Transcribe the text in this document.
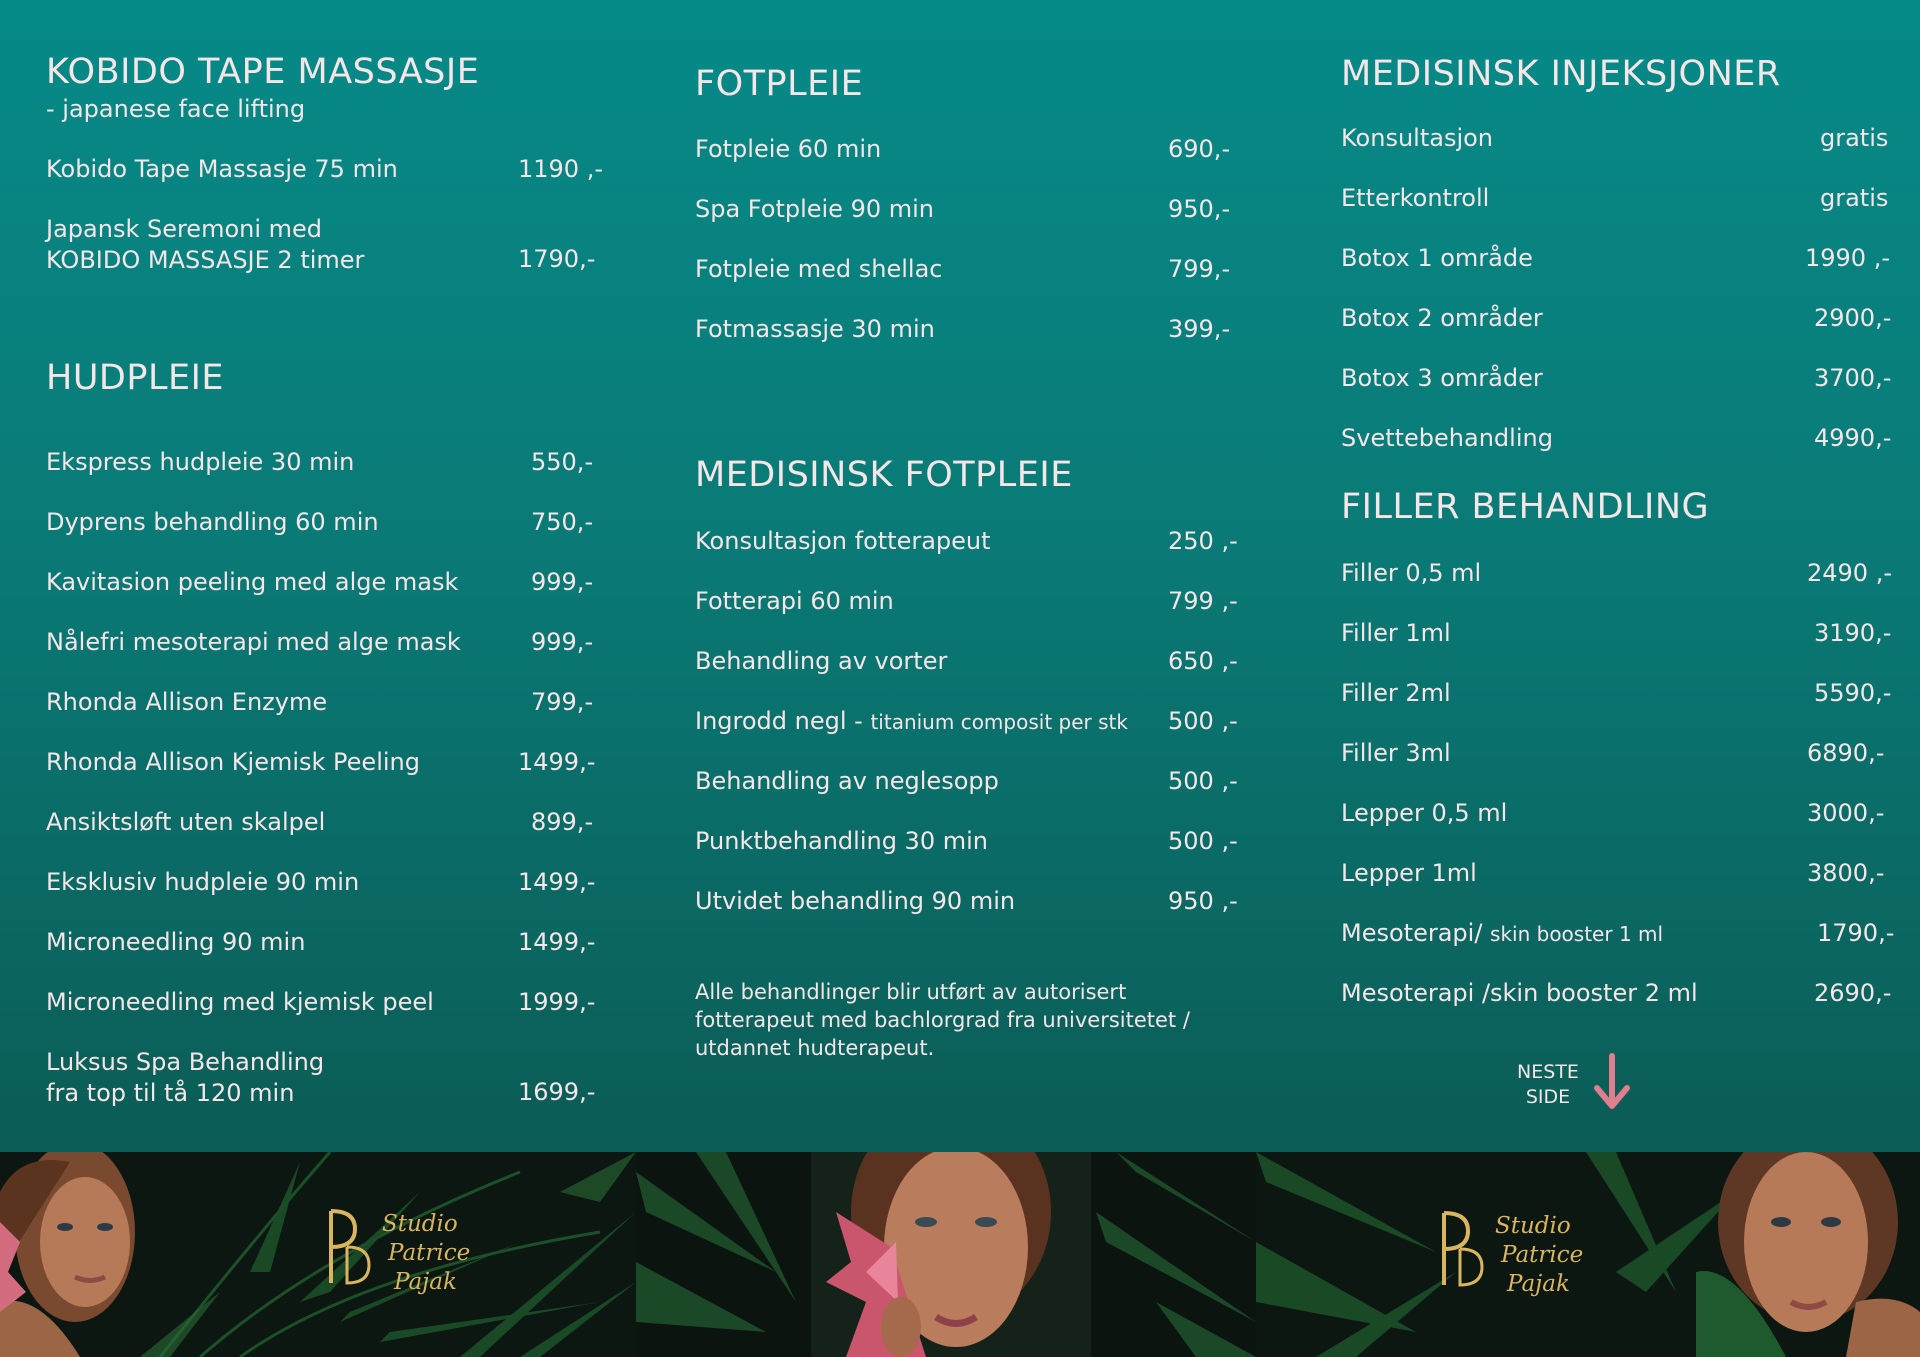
KOBIDO TAPE MASSASJE
- japanese face lifting
Kobido Tape Massasje 75 min	1190 ,-
Japansk Seremoni med
KOBIDO MASSASJE 2 timer	1790,-
HUDPLEIE
Ekspress hudpleie 30 min	550,-
Dyprens behandling 60 min	750,-
Kavitasion peeling med alge mask	999,-
Nålefri mesoterapi med alge mask	999,-
Rhonda Allison Enzyme	799,-
Rhonda Allison Kjemisk Peeling	1499,-
Ansiktsløft uten skalpel	899,-
Eksklusiv hudpleie 90 min	1499,-
Microneedling 90 min	1499,-
Microneedling med kjemisk peel	1999,-
Luksus Spa Behandling
fra top til tå 120 min	1699,-
FOTPLEIE
Fotpleie 60 min	690,-
Spa Fotpleie 90 min	950,-
Fotpleie med shellac	799,-
Fotmassasje 30 min	399,-
MEDISINSK FOTPLEIE
Konsultasjon fotterapeut	250 ,-
Fotterapi 60 min	799 ,-
Behandling av vorter	650 ,-
Ingrodd negl - titanium composit per stk 500 ,-
Behandling av neglesopp	500 ,-
Punktbehandling 30 min	500 ,-
Utvidet behandling 90 min	950 ,-
Alle behandlinger blir utført av autorisert fotterapeut med bachlorgrad fra universitetet / utdannet hudterapeut.
MEDISINSK INJEKSJONER
Konsultasjon	gratis
Etterkontroll	gratis
Botox 1 område	1990 ,-
Botox 2 områder	2900,-
Botox 3 områder	3700,-
Svettebehandling	4990,-
FILLER BEHANDLING
Filler 0,5 ml	2490 ,-
Filler 1ml	3190,-
Filler 2ml	5590,-
Filler 3ml	6890,-
Lepper 0,5 ml	3000,-
Lepper 1ml	3800,-
Mesoterapi/ skin booster 1 ml	1790,-
Mesoterapi /skin booster 2 ml	2690,-
NESTE
SIDE
Studio
Patrice
Pajak
Studio
Patrice
Pajak
